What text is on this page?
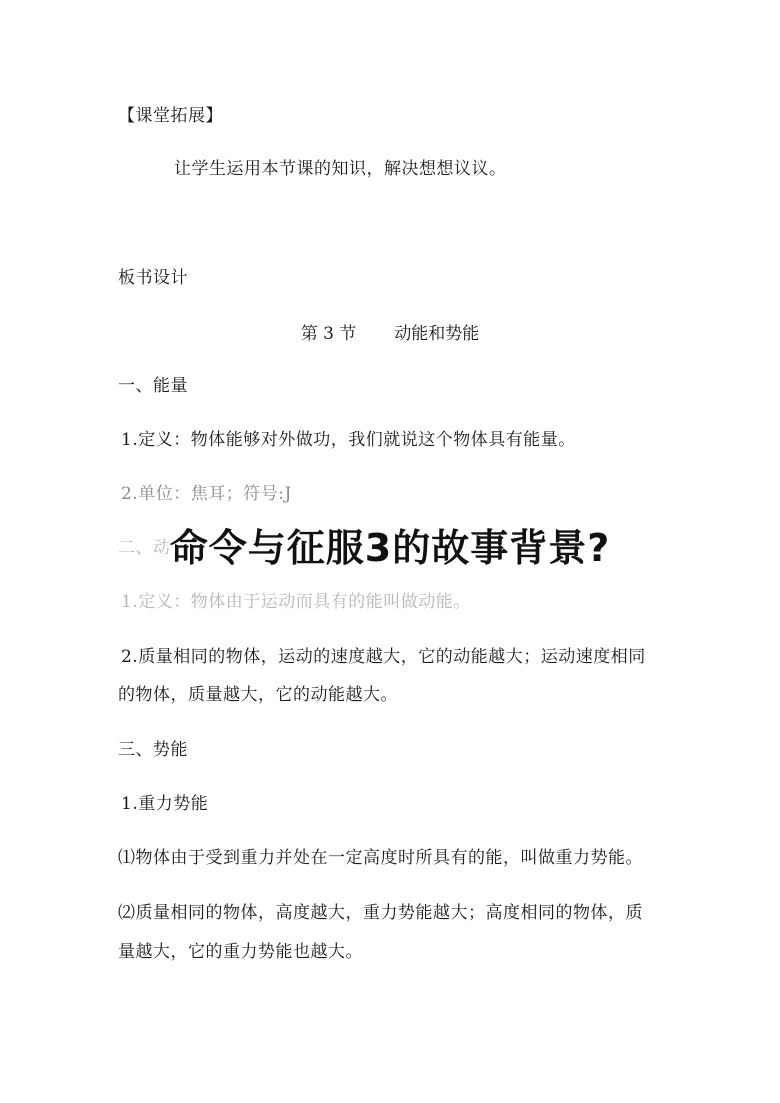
【课堂拓展】
让学生运用本节课的知识，解决想想议议。
板书设计
第 3 节 动能和势能
一、能量
1.定义：物体能够对外做功，我们就说这个物体具有能量。
2.单位：焦耳；符号:J
二、动能
1.定义：物体由于运动而具有的能叫做动能。
2.质量相同的物体，运动的速度越大，它的动能越大；运动速度相同
的物体，质量越大，它的动能越大。
三、势能
1.重力势能
⑴物体由于受到重力并处在一定高度时所具有的能，叫做重力势能。
⑵质量相同的物体，高度越大，重力势能越大；高度相同的物体，质
量越大，它的重力势能也越大。
命令与征服3的故事背景?
